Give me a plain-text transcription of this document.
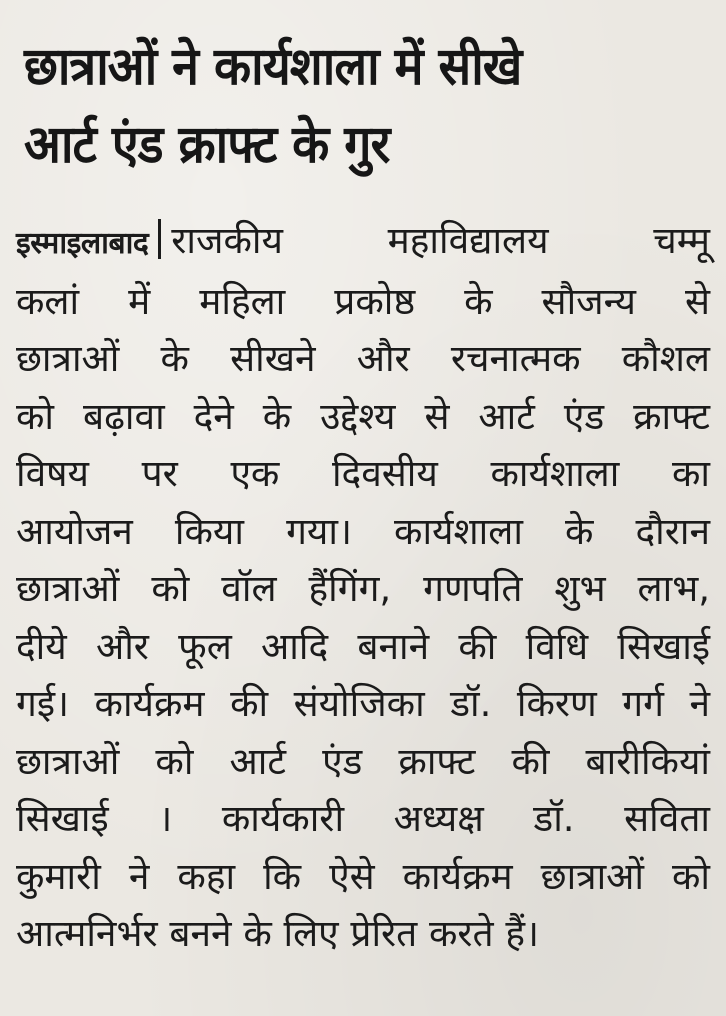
छात्राओं ने कार्यशाला में सीखे
आर्ट एंड क्राफ्ट के गुर
इस्माइलाबाद राजकीय महाविद्यालय चम्मू
कलां में महिला प्रकोष्ठ के सौजन्य से
छात्राओं के सीखने और रचनात्मक कौशल
को बढ़ावा देने के उद्देश्य से आर्ट एंड क्राफ्ट
विषय पर एक दिवसीय कार्यशाला का
आयोजन किया गया। कार्यशाला के दौरान
छात्राओं को वॉल हैंगिंग, गणपति शुभ लाभ,
दीये और फूल आदि बनाने की विधि सिखाई
गई। कार्यक्रम की संयोजिका डॉ. किरण गर्ग ने
छात्राओं को आर्ट एंड क्राफ्ट की बारीकियां
सिखाई । कार्यकारी अध्यक्ष डॉ. सविता
कुमारी ने कहा कि ऐसे कार्यक्रम छात्राओं को
आत्मनिर्भर बनने के लिए प्रेरित करते हैं।
